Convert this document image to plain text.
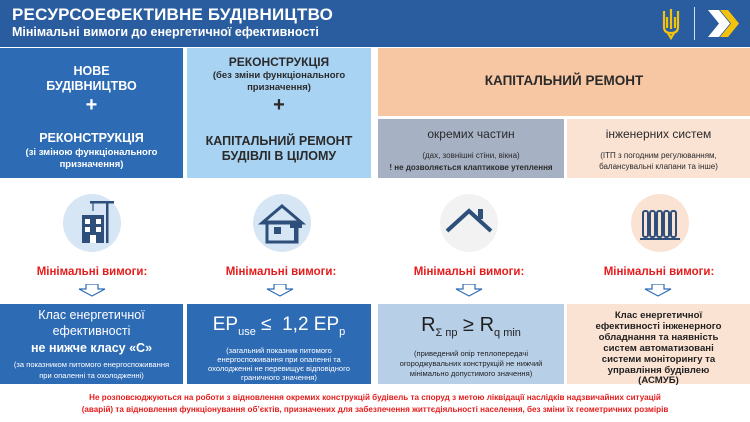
РЕСУРСОЕФЕКТИВНЕ БУДІВНИЦТВО
Мінімальні вимоги до енергетичної ефективності
НОВЕ
БУДІВНИЦТВО
+
РЕКОНСТРУКЦІЯ
(зі зміною функціонального
призначення)
РЕКОНСТРУКЦІЯ
(без зміни функціонального
призначення)
+
КАПІТАЛЬНИЙ РЕМОНТ
БУДІВЛІ В ЦІЛОМУ
КАПІТАЛЬНИЙ РЕМОНТ
окремих частин
(дах, зовнішні стіни, вікна)
! не дозволяється клаптикове утеплення
інженерних систем
(ІТП з погодним регулюванням,
балансувальні клапани та інше)
Мінімальні вимоги:	Мінімальні вимоги:	Мінімальні вимоги:	Мінімальні вимоги:
Клас енергетичної
ефективності
не нижче класу «С»
(за показником питомого енергоспоживання
при опаленні та охолодженні)
$EP_{use} \le 1,2$ $EP_p$
(загальний показник питомого
енергоспоживання при опаленні та
охолодженні не перевищує відповідного
граничного значення)
$R_{\Sigma пр} \ge R_{q min}$
(приведений опір теплопередачі
огороджувальних конструкцій не нижчий
мінімально допустимого значення)
Клас енергетичної
ефективності інженерного
обладнання та наявність
систем автоматизовані
системи моніторингу та
управління будівлею
(АСМУБ)
Не розповсюджуються на роботи з відновлення окремих конструкцій будівель та споруд з метою ліквідації наслідків надзвичайних ситуацій
(аварій) та відновлення функціонування об’єктів, призначених для забезпечення життєдіяльності населення, без зміни їх геометричних розмірів
